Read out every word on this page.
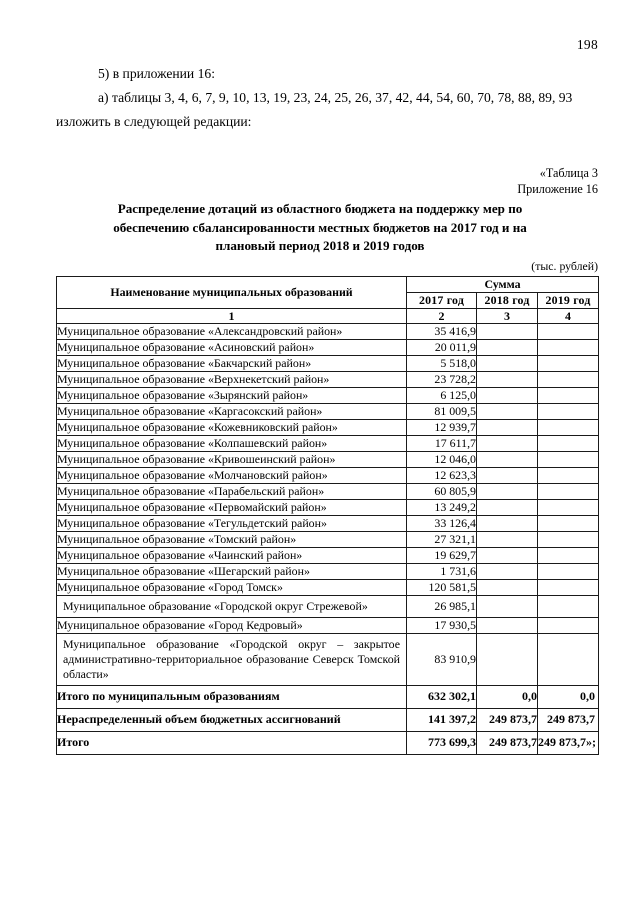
198

5) в приложении 16:

а) таблицы 3, 4, 6, 7, 9, 10, 13, 19, 23, 24, 25, 26, 37, 42, 44, 54, 60, 70, 78, 88, 89, 93 изложить в следующей редакции:

«Таблица 3
Приложение 16
Распределение дотаций из областного бюджета на поддержку мер по
обеспечению сбалансированности местных бюджетов на 2017 год и на
плановый период 2018 и 2019 годов
(тыс. рублей)
Наименование муниципальных образований	Сумма		
	2017 год	2018 год	2019 год
1	2	3	4
Муниципальное образование «Александровский район»	35 416,9		
Муниципальное образование «Асиновский район»	20 011,9		
Муниципальное образование «Бакчарский район»	5 518,0		
Муниципальное образование «Верхнекетский район»	23 728,2		
Муниципальное образование «Зырянский район»	6 125,0		
Муниципальное образование «Каргасокский район»	81 009,5		
Муниципальное образование «Кожевниковский район»	12 939,7		
Муниципальное образование «Колпашевский район»	17 611,7		
Муниципальное образование «Кривошеинский район»	12 046,0		
Муниципальное образование «Молчановский район»	12 623,3		
Муниципальное образование «Парабельский район»	60 805,9		
Муниципальное образование «Первомайский район»	13 249,2		
Муниципальное образование «Тегульдетский район»	33 126,4		
Муниципальное образование «Томский район»	27 321,1		
Муниципальное образование «Чаинский район»	19 629,7		
Муниципальное образование «Шегарский район»	1 731,6		
Муниципальное образование «Город Томск»	120 581,5		
Муниципальное образование «Городской округ Стрежевой»	26 985,1		
Муниципальное образование «Город Кедровый»	17 930,5		
Муниципальное образование «Городской округ – закрытое административно-территориальное образование Северск Томской области»	83 910,9		
Итого по муниципальным образованиям	632 302,1	0,0	0,0
Нераспределенный объем бюджетных ассигнований	141 397,2	249 873,7	249 873,7
Итого	773 699,3	249 873,7	249 873,7»;
